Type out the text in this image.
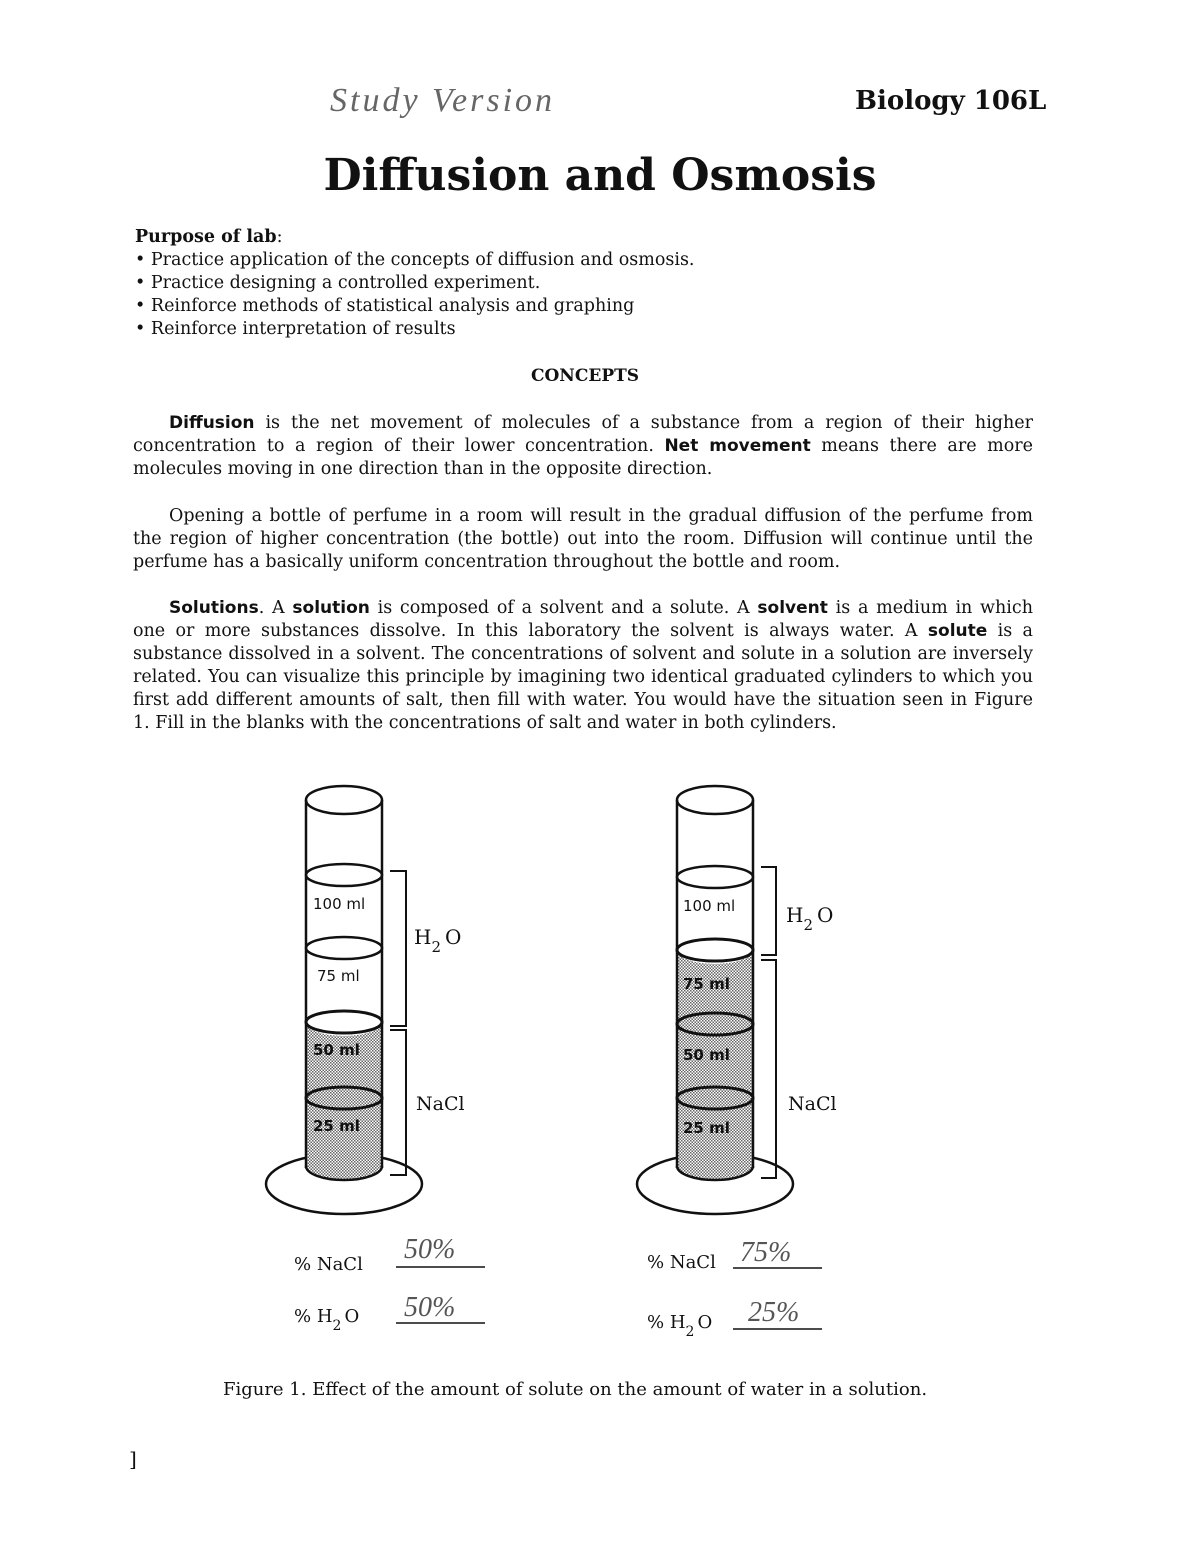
Study Version	Biology 106L
Diffusion and Osmosis
Purpose of lab:
• Practice application of the concepts of diffusion and osmosis.
• Practice designing a controlled experiment.
• Reinforce methods of statistical analysis and graphing
• Reinforce interpretation of results
CONCEPTS

Diffusion is the net movement of molecules of a substance from a region of their higher concentration to a region of their lower concentration. Net movement means there are more molecules moving in one direction than in the opposite direction.

Opening a bottle of perfume in a room will result in the gradual diffusion of the perfume from the region of higher concentration (the bottle) out into the room. Diffusion will continue until the perfume has a basically uniform concentration throughout the bottle and room.

Solutions. A solution is composed of a solvent and a solute. A solvent is a medium in which one or more substances dissolve. In this laboratory the solvent is always water. A solute is a substance dissolved in a solvent. The concentrations of solvent and solute in a solution are inversely related. You can visualize this principle by imagining two identical graduated cylinders to which you first add different amounts of salt, then fill with water. You would have the situation seen in Figure 1. Fill in the blanks with the concentrations of salt and water in both cylinders.

100 ml
75 ml
50 ml
25 ml
$H_2$ O
NaCl
% NaCl 50%
% $H_2$ O 50%
100 ml
75 ml
50 ml
25 ml
$H_2$ O
NaCl
% NaCl 75%
% $H_2$ O 25%
Figure 1. Effect of the amount of solute on the amount of water in a solution.
]
